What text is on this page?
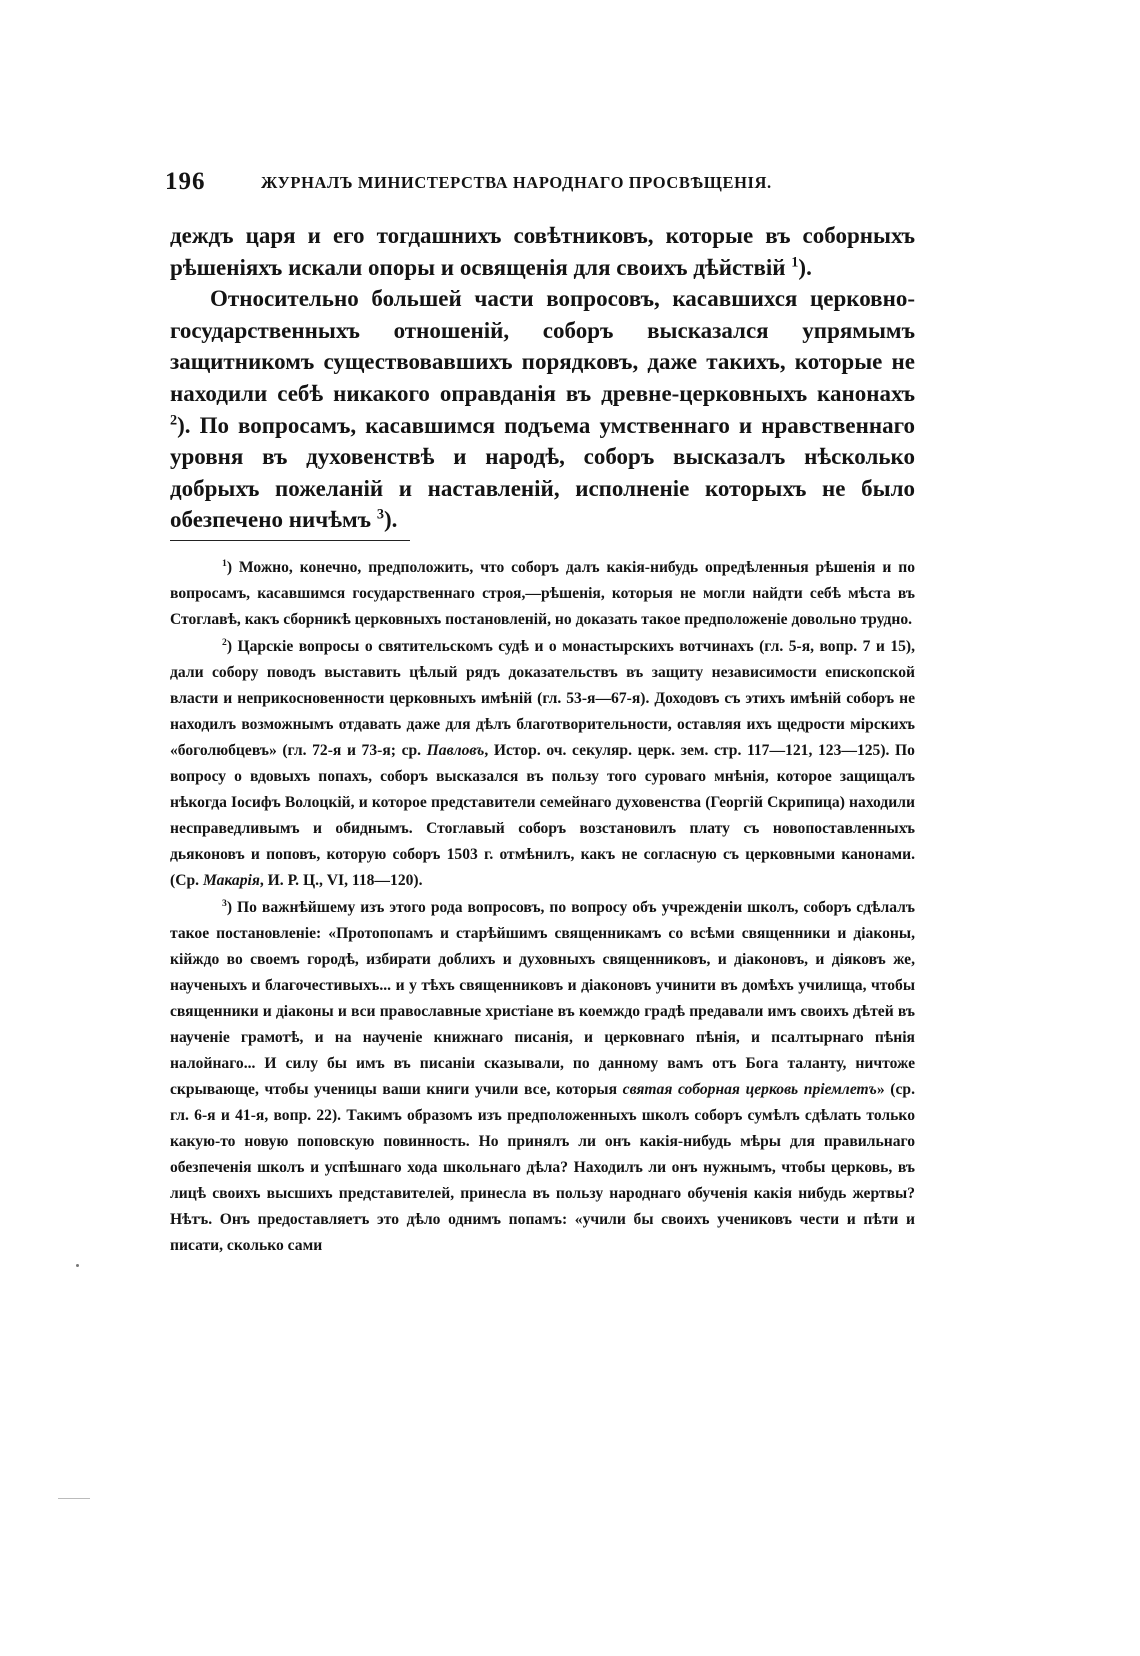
196	ЖУРНАЛЪ МИНИСТЕРСТВА НАРОДНАГО ПРОСВѢЩЕНІЯ.

деждъ царя и его тогдашнихъ совѣтниковъ, которые въ соборныхъ рѣшеніяхъ искали опоры и освященія для своихъ дѣйствій $^1$).

Относительно большей части вопросовъ, касавшихся церковно-государственныхъ отношеній, соборъ высказался упрямымъ защитникомъ существовавшихъ порядковъ, даже такихъ, которые не находили себѣ никакого оправданія въ древне-церковныхъ канонахъ $^2$). По вопросамъ, касавшимся подъема умственнаго и нравственнаго уровня въ духовенствѣ и народѣ, соборъ высказалъ нѣсколько добрыхъ пожеланій и наставленій, исполненіе которыхъ не было обезпечено ничѣмъ $^3$).

$^1$) Можно, конечно, предположить, что соборъ далъ какія-нибудь опредѣленныя рѣшенія и по вопросамъ, касавшимся государственнаго строя,—рѣшенія, которыя не могли найдти себѣ мѣста въ Стоглавѣ, какъ сборникѣ церковныхъ постановленій, но доказать такое предположеніе довольно трудно.

$^2$) Царскіе вопросы о святительскомъ судѣ и о монастырскихъ вотчинахъ (гл. 5-я, вопр. 7 и 15), дали собору поводъ выставить цѣлый рядъ доказательствъ въ защиту независимости епископской власти и неприкосновенности церковныхъ имѣній (гл. 53-я—67-я). Доходовъ съ этихъ имѣній соборъ не находилъ возможнымъ отдавать даже для дѣлъ благотворительности, оставляя ихъ щедрости мірскихъ «боголюбцевъ» (гл. 72-я и 73-я; ср. Павловъ, Истор. оч. секуляр. церк. зем. стр. 117—121, 123—125). По вопросу о вдовыхъ попахъ, соборъ высказался въ пользу того суроваго мнѣнія, которое защищалъ нѣкогда Іосифъ Волоцкій, и которое представители семейнаго духовенства (Георгій Скрипица) находили несправедливымъ и обиднымъ. Стоглавый соборъ возстановилъ плату съ новопоставленныхъ дьяконовъ и поповъ, которую соборъ 1503 г. отмѣнилъ, какъ не согласную съ церковными канонами. (Ср. Макарія, И. Р. Ц., VI, 118—120).

$^3$) По важнѣйшему изъ этого рода вопросовъ, по вопросу объ учрежденіи школъ, соборъ сдѣлалъ такое постановленіе: «Протопопамъ и старѣйшимъ священникамъ со всѣми священники и діаконы, кійждо во своемъ городѣ, избирати доблихъ и духовныхъ священниковъ, и діаконовъ, и діяковъ же, наученыхъ и благочестивыхъ... и у тѣхъ священниковъ и діаконовъ учинити въ домѣхъ училища, чтобы священники и діаконы и вси православные христіане въ коемждо градѣ предавали имъ своихъ дѣтей въ наученіе грамотѣ, и на наученіе книжнаго писанія, и церковнаго пѣнія, и псалтырнаго пѣнія налойнаго... И силу бы имъ въ писаніи сказывали, по данному вамъ отъ Бога таланту, ничтоже скрывающе, чтобы ученицы ваши книги учили все, которыя святая соборная церковь пріемлетъ» (ср. гл. 6-я и 41-я, вопр. 22). Такимъ образомъ изъ предположенныхъ школъ соборъ сумѣлъ сдѣлать только какую-то новую поповскую повинность. Но принялъ ли онъ какія-нибудь мѣры для правильнаго обезпеченія школъ и успѣшнаго хода школьнаго дѣла? Находилъ ли онъ нужнымъ, чтобы церковь, въ лицѣ своихъ высшихъ представителей, принесла въ пользу народнаго обученія какія нибудь жертвы? Нѣтъ. Онъ предоставляетъ это дѣло однимъ попамъ: «учили бы своихъ учениковъ чести и пѣти и писати, сколько сами
